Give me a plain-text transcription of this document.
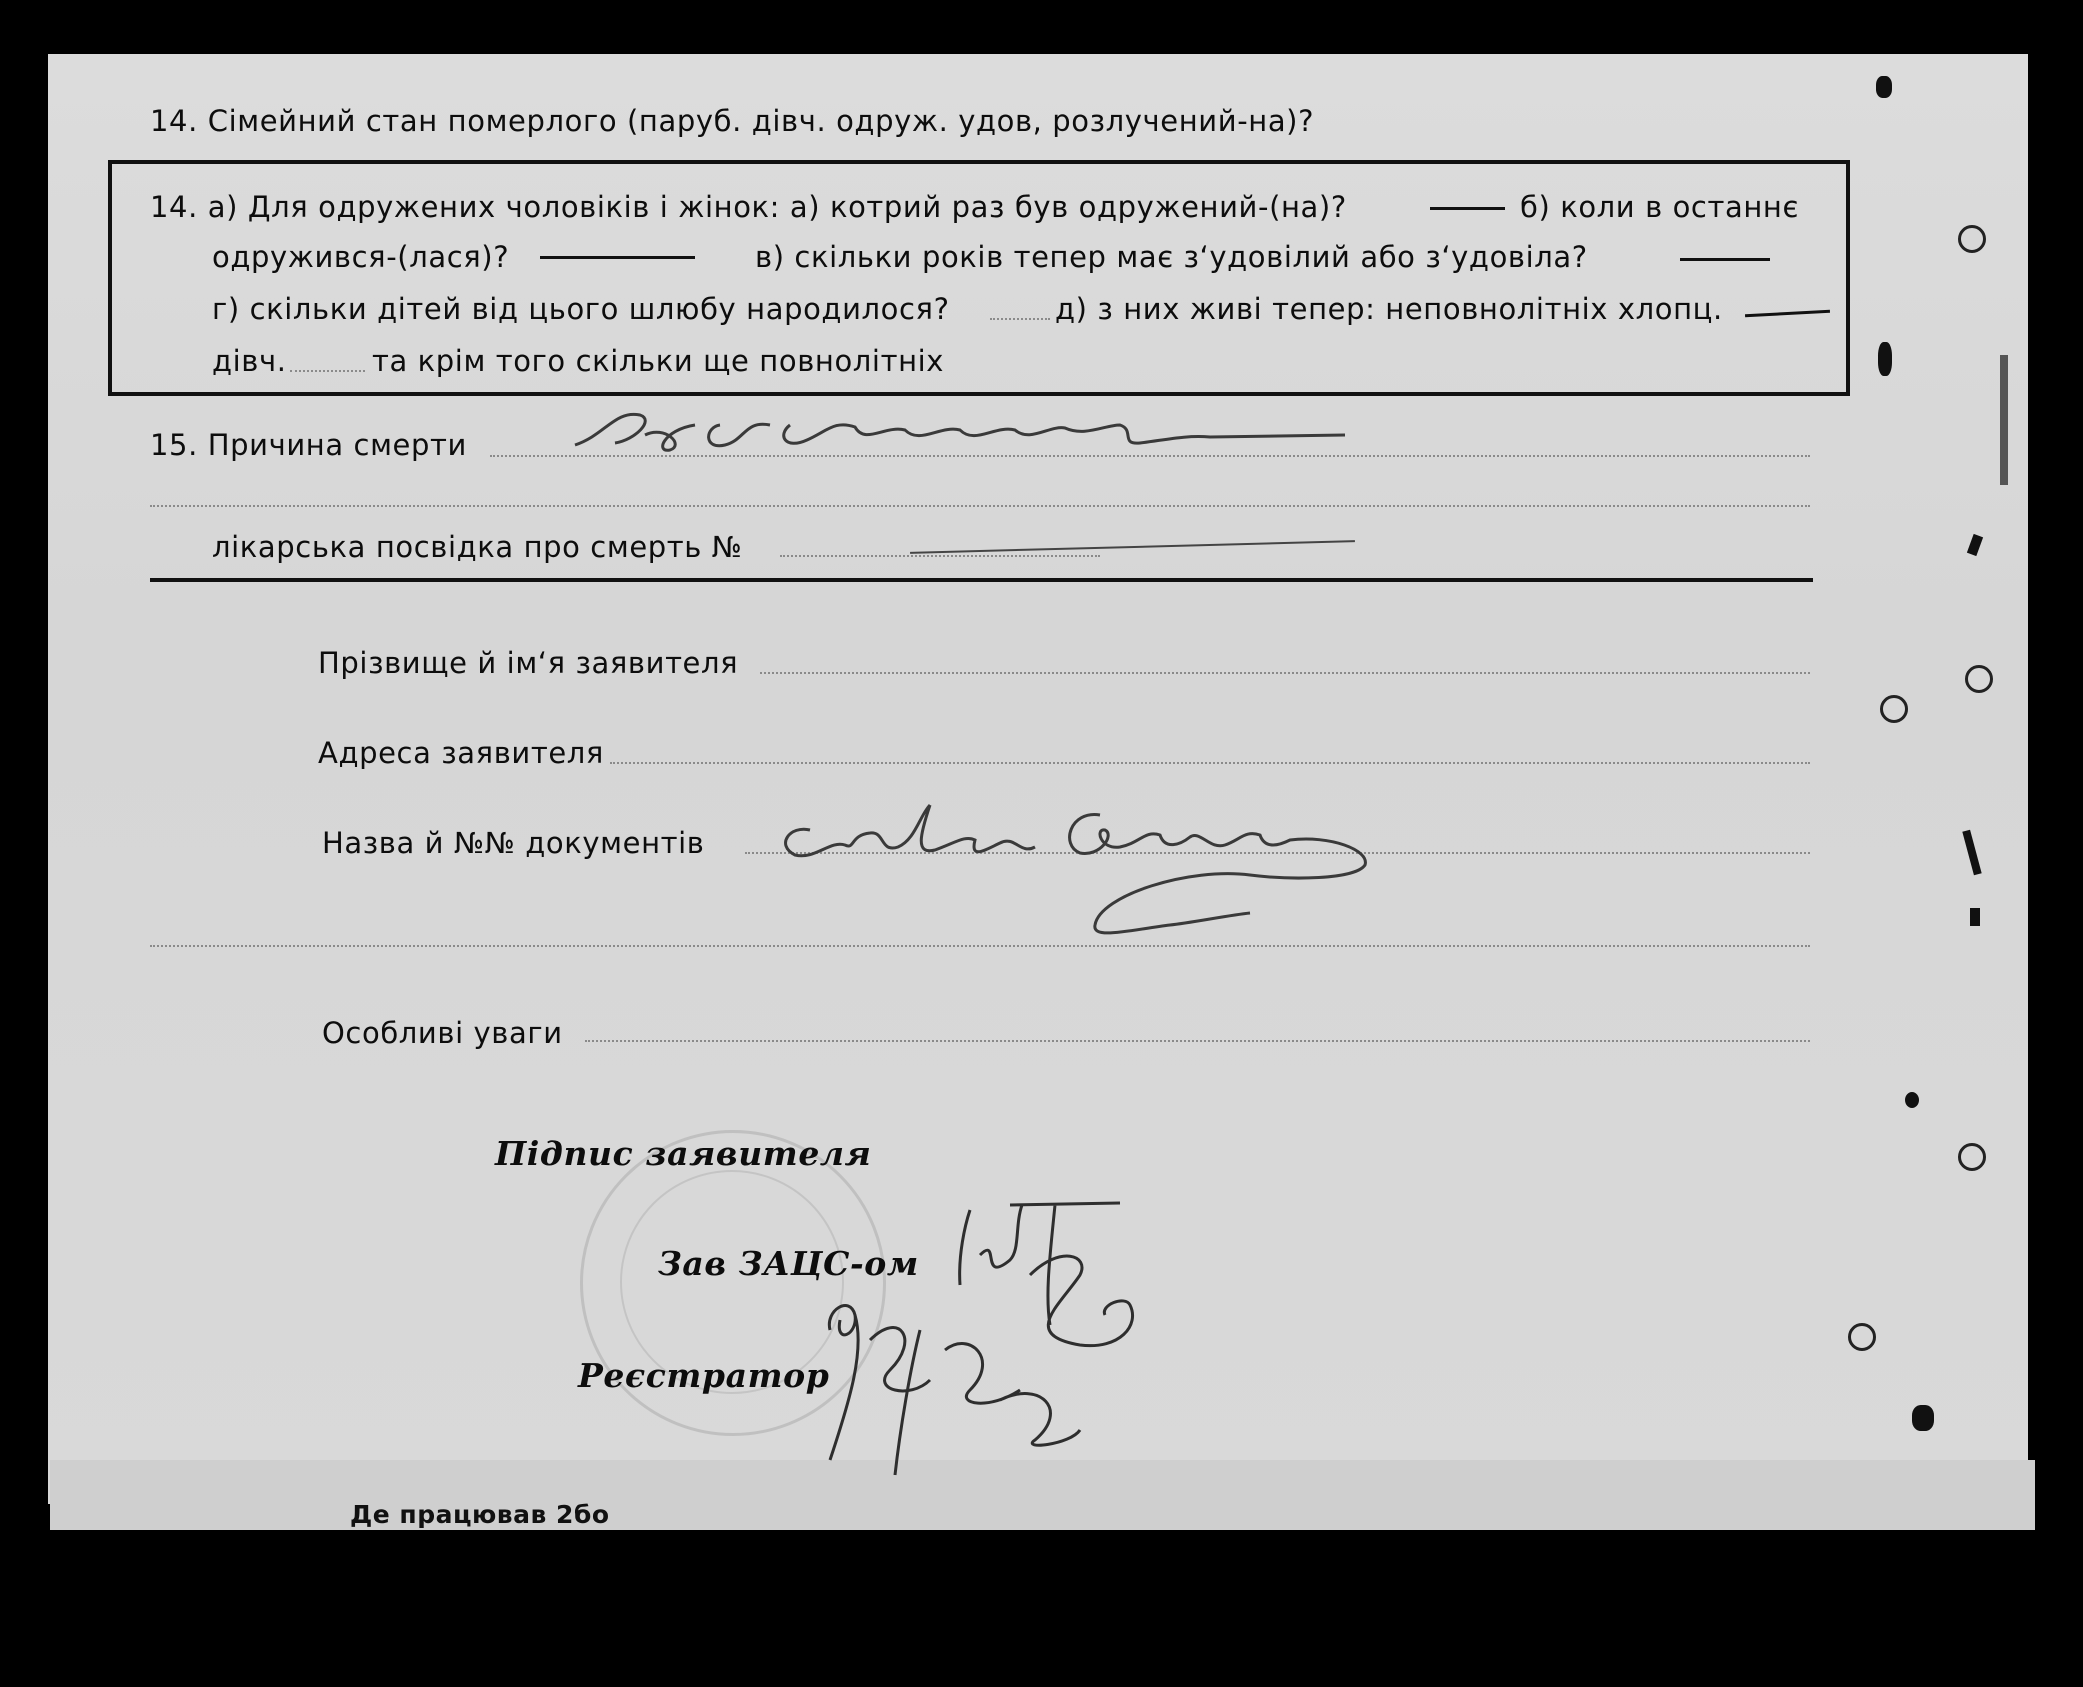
Де працював 2бо
14. Сімейний стан померлого (паруб. дівч. одруж. удов, розлучений-на)?
14. а) Для одружених чоловіків і жінок: а) котрий раз був одружений-(на)?	б) коли в останнє
одружився-(лася)?	в) скільки років тепер має з‘удовілий або з‘удовіла?
г) скільки дітей від цього шлюбу народилося?	д) з них живі тепер: неповнолітніх хлопц.
дівч.	та крім того скільки ще повнолітніх
15. Причина смерти
лікарська посвідка про смерть №
Прізвище й ім‘я заявителя
Адреса заявителя
Назва й №№ документів
Особливі уваги
Підпис заявителя
Зав ЗАЦС-ом
Реєстратор
